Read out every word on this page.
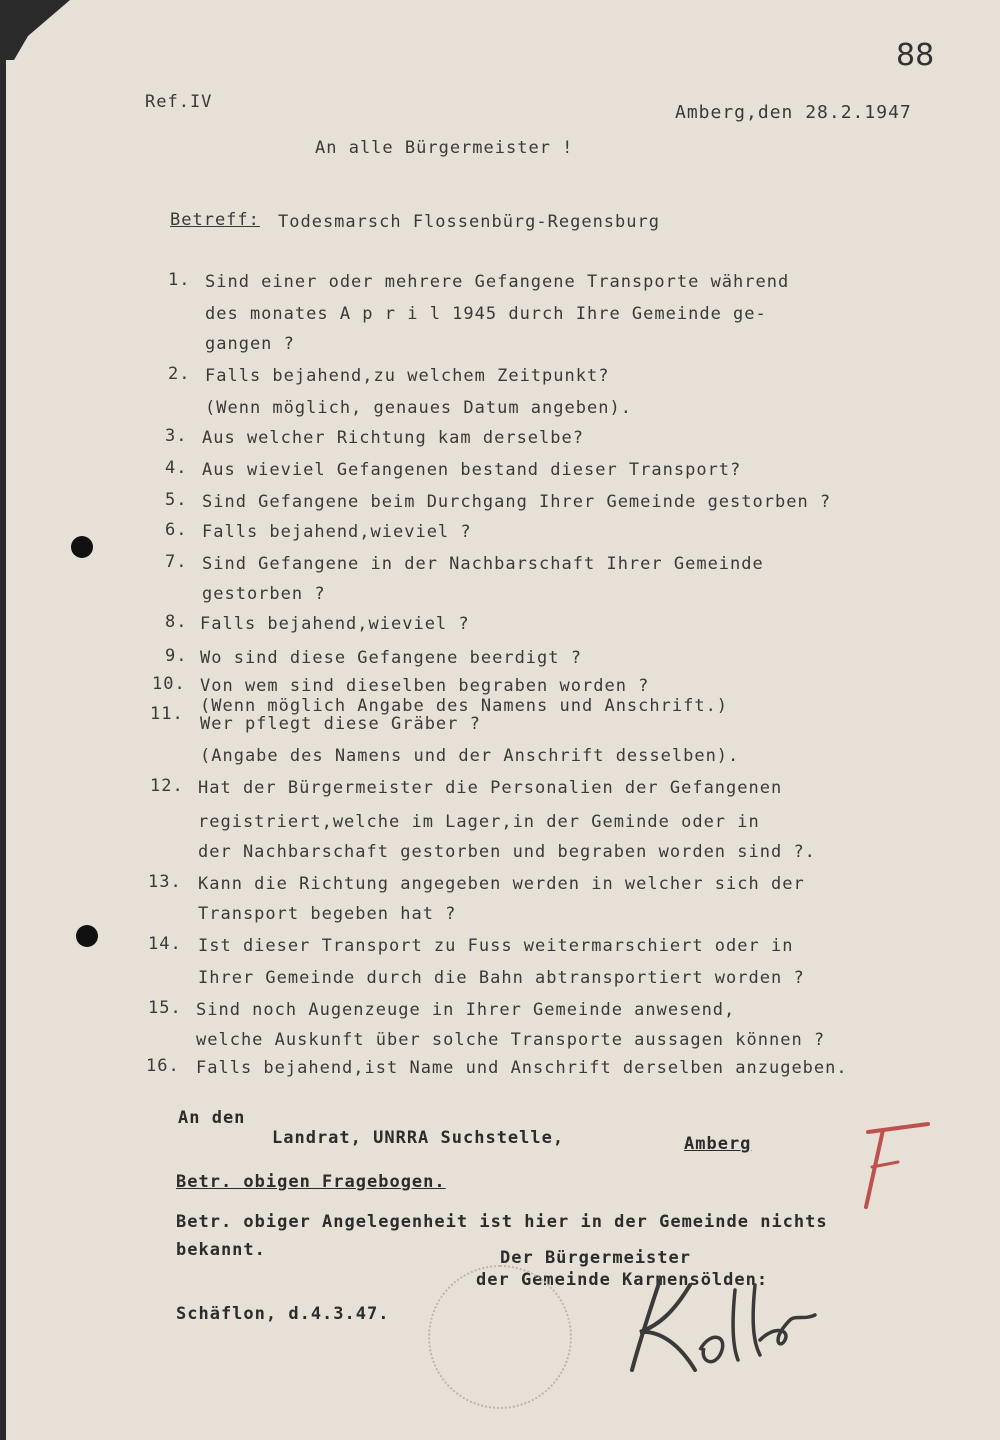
88
Ref.IV	Amberg,den 28.2.1947
An alle Bürgermeister !
Betreff: Todesmarsch Flossenbürg-Regensburg
1. Sind einer oder mehrere Gefangene Transporte während
des monates A p r i l 1945 durch Ihre Gemeinde ge-
gangen ?
2. Falls bejahend,zu welchem Zeitpunkt?
(Wenn möglich, genaues Datum angeben).
3. Aus welcher Richtung kam derselbe?
4. Aus wieviel Gefangenen bestand dieser Transport?
5. Sind Gefangene beim Durchgang Ihrer Gemeinde gestorben ?
6. Falls bejahend,wieviel ?
7. Sind Gefangene in der Nachbarschaft Ihrer Gemeinde
gestorben ?
8. Falls bejahend,wieviel ?
9. Wo sind diese Gefangene beerdigt ?
10. Von wem sind dieselben begraben worden ?
(Wenn möglich Angabe des Namens und Anschrift.)
11. Wer pflegt diese Gräber ?
(Angabe des Namens und der Anschrift desselben).
12. Hat der Bürgermeister die Personalien der Gefangenen
registriert,welche im Lager,in der Geminde oder in
der Nachbarschaft gestorben und begraben worden sind ?.
13. Kann die Richtung angegeben werden in welcher sich der
Transport begeben hat ?
14. Ist dieser Transport zu Fuss weitermarschiert oder in
Ihrer Gemeinde durch die Bahn abtransportiert worden ?
15. Sind noch Augenzeuge in Ihrer Gemeinde anwesend,
welche Auskunft über solche Transporte aussagen können ?
16. Falls bejahend,ist Name und Anschrift derselben anzugeben.
An den
Landrat, UNRRA Suchstelle,	Amberg
Betr. obigen Fragebogen.
Betr. obiger Angelegenheit ist hier in der Gemeinde nichts
bekannt.	Der Bürgermeister
der Gemeinde Karmensölden:
Schäflon, d.4.3.47.
